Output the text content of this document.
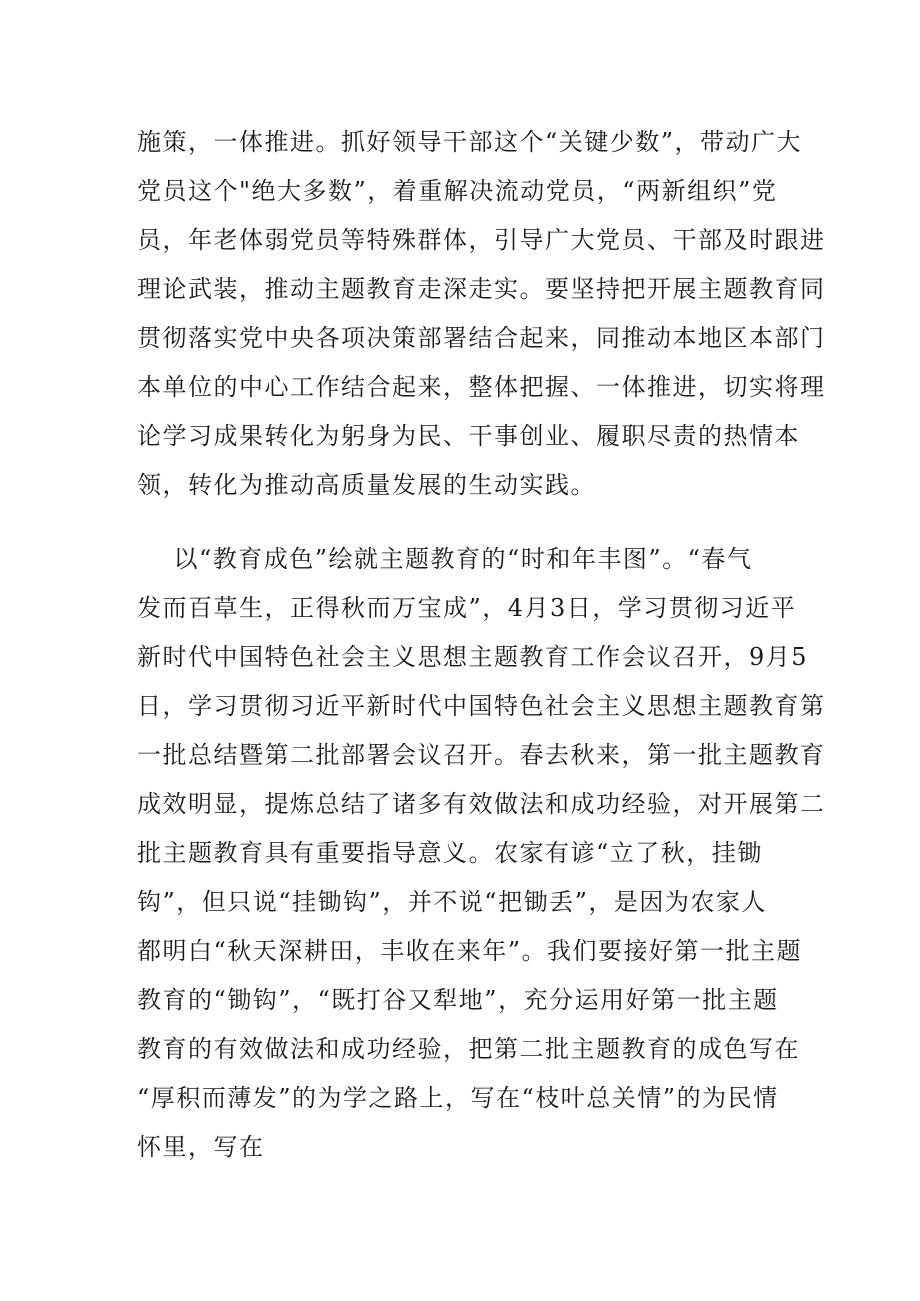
施策，一体推进。抓好领导干部这个“关键少数”，带动广大
党员这个"绝大多数”，着重解决流动党员，“两新组织”党
员，年老体弱党员等特殊群体，引导广大党员、干部及时跟进
理论武装，推动主题教育走深走实。要坚持把开展主题教育同
贯彻落实党中央各项决策部署结合起来，同推动本地区本部门
本单位的中心工作结合起来，整体把握、一体推进，切实将理
论学习成果转化为躬身为民、干事创业、履职尽责的热情本
领，转化为推动高质量发展的生动实践。
以“教育成色”绘就主题教育的“时和年丰图”。“春气
发而百草生，正得秋而万宝成”，4月3日，学习贯彻习近平
新时代中国特色社会主义思想主题教育工作会议召开，9月5
日，学习贯彻习近平新时代中国特色社会主义思想主题教育第
一批总结暨第二批部署会议召开。春去秋来，第一批主题教育
成效明显，提炼总结了诸多有效做法和成功经验，对开展第二
批主题教育具有重要指导意义。农家有谚“立了秋，挂锄
钩”，但只说“挂锄钩”，并不说“把锄丢”，是因为农家人
都明白“秋天深耕田，丰收在来年”。我们要接好第一批主题
教育的“锄钩”，“既打谷又犁地”，充分运用好第一批主题
教育的有效做法和成功经验，把第二批主题教育的成色写在
“厚积而薄发”的为学之路上，写在“枝叶总关情”的为民情
怀里，写在
